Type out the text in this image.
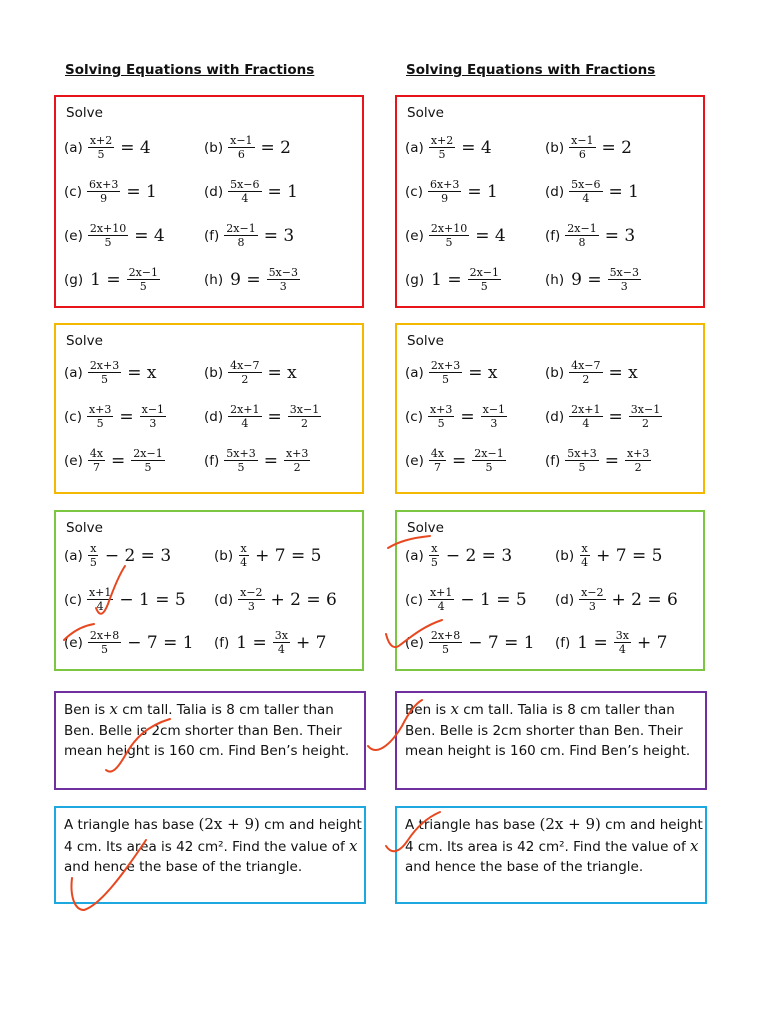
Solving Equations with Fractions
Solve
$(a) \frac{x+2}{5} = 4$	$(b) \frac{x-1}{6} = 2$
$(c) \frac{6x+3}{9} = 1$	$(d) \frac{5x-6}{4} = 1$
$(e) \frac{2x+10}{5} = 4$	$(f) \frac{2x-1}{8} = 3$
(g) $1 = \frac{2x-1}{5}$	(h) $9 = \frac{5x-3}{3}$
Solve
$(a) \frac{2x+3}{5} = x$	$(b) \frac{4x-7}{2} = x$
$(c) \frac{x+3}{5} = \frac{x-1}{3}$	$(d) \frac{2x+1}{4} = \frac{3x-1}{2}$
$(e) \frac{4x}{7} = \frac{2x-1}{5}$	$(f) \frac{5x+3}{5} = \frac{x+3}{2}$
Solve
$(a) \frac{x}{5} - 2 = 3$	$(b) \frac{x}{4} + 7 = 5$
$(c) \frac{x+1}{4} - 1 = 5$ $(d) \frac{x-2}{3} + 2 = 6$
$(e) \frac{2x+8}{5} - 7 = 1$ (f) $1 = \frac{3x}{4} + 7$
Ben is x cm tall. Talia is 8 cm taller than Ben. Belle is 2cm shorter than Ben. Their mean height is 160 cm. Find Ben’s height.
A triangle has base (2x + 9) cm and height 4 cm. Its area is 42 cm². Find the value of x and hence the base of the triangle.
Solving Equations with Fractions
Solve
$(a) \frac{x+2}{5} = 4$	$(b) \frac{x-1}{6} = 2$
$(c) \frac{6x+3}{9} = 1$	$(d) \frac{5x-6}{4} = 1$
$(e) \frac{2x+10}{5} = 4$	$(f) \frac{2x-1}{8} = 3$
(g) $1 = \frac{2x-1}{5}$	(h) $9 = \frac{5x-3}{3}$
Solve
$(a) \frac{2x+3}{5} = x$	$(b) \frac{4x-7}{2} = x$
$(c) \frac{x+3}{5} = \frac{x-1}{3}$	$(d) \frac{2x+1}{4} = \frac{3x-1}{2}$
$(e) \frac{4x}{7} = \frac{2x-1}{5}$	$(f) \frac{5x+3}{5} = \frac{x+3}{2}$
Solve
$(a) \frac{x}{5} - 2 = 3$	$(b) \frac{x}{4} + 7 = 5$
$(c) \frac{x+1}{4} - 1 = 5$ $(d) \frac{x-2}{3} + 2 = 6$
$(e) \frac{2x+8}{5} - 7 = 1$ (f) $1 = \frac{3x}{4} + 7$
Ben is x cm tall. Talia is 8 cm taller than Ben. Belle is 2cm shorter than Ben. Their mean height is 160 cm. Find Ben’s height.
A triangle has base (2x + 9) cm and height 4 cm. Its area is 42 cm². Find the value of x and hence the base of the triangle.
